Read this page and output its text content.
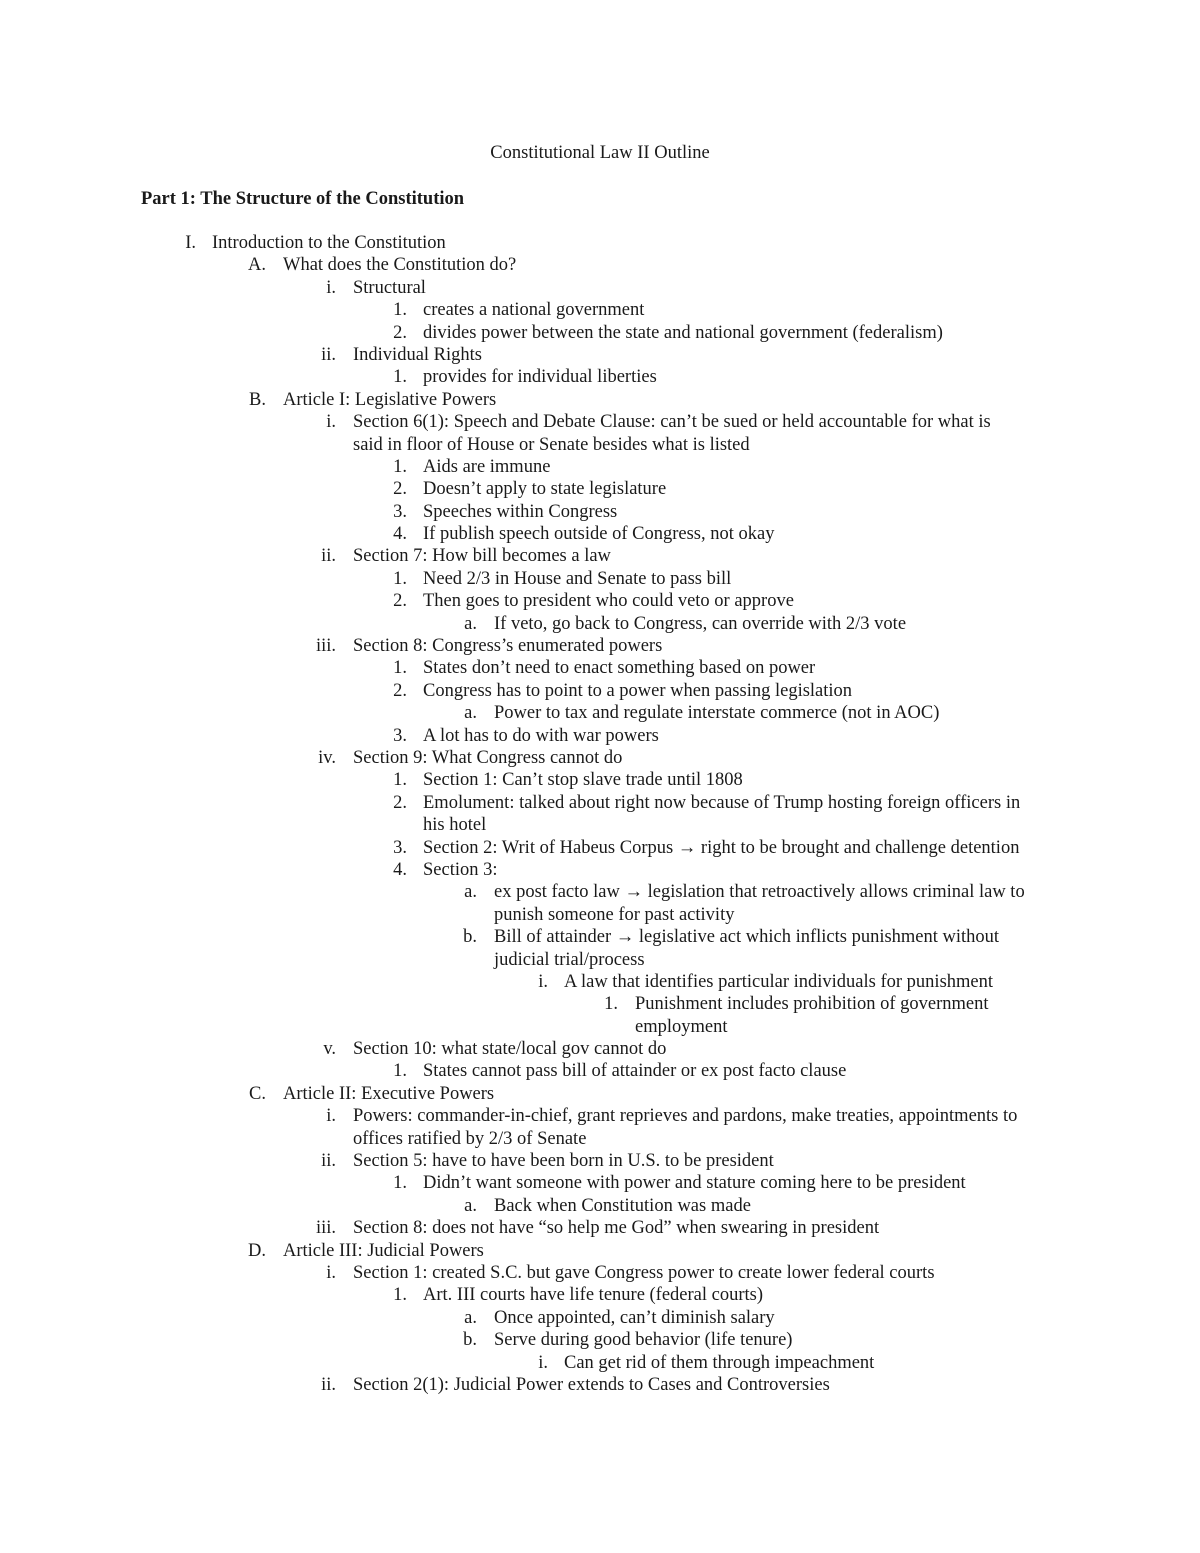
Constitutional Law II Outline
Part 1: The Structure of the Constitution
I. Introduction to the Constitution
A. What does the Constitution do?
i. Structural
1. creates a national government
2. divides power between the state and national government (federalism)
ii. Individual Rights
1. provides for individual liberties
B. Article I: Legislative Powers
i. Section 6(1): Speech and Debate Clause: can’t be sued or held accountable for what is
said in floor of House or Senate besides what is listed
1. Aids are immune
2. Doesn’t apply to state legislature
3. Speeches within Congress
4. If publish speech outside of Congress, not okay
ii. Section 7: How bill becomes a law
1. Need 2/3 in House and Senate to pass bill
2. Then goes to president who could veto or approve
a. If veto, go back to Congress, can override with 2/3 vote
iii. Section 8: Congress’s enumerated powers
1. States don’t need to enact something based on power
2. Congress has to point to a power when passing legislation
a. Power to tax and regulate interstate commerce (not in AOC)
3. A lot has to do with war powers
iv. Section 9: What Congress cannot do
1. Section 1: Can’t stop slave trade until 1808
2. Emolument: talked about right now because of Trump hosting foreign officers in
his hotel
3. Section 2: Writ of Habeus Corpus → right to be brought and challenge detention
4. Section 3:
a. ex post facto law → legislation that retroactively allows criminal law to
punish someone for past activity
b. Bill of attainder → legislative act which inflicts punishment without
judicial trial/process
i. A law that identifies particular individuals for punishment
1. Punishment includes prohibition of government
employment
v. Section 10: what state/local gov cannot do
1. States cannot pass bill of attainder or ex post facto clause
C. Article II: Executive Powers
i. Powers: commander-in-chief, grant reprieves and pardons, make treaties, appointments to
offices ratified by 2/3 of Senate
ii. Section 5: have to have been born in U.S. to be president
1. Didn’t want someone with power and stature coming here to be president
a. Back when Constitution was made
iii. Section 8: does not have “so help me God” when swearing in president
D. Article III: Judicial Powers
i. Section 1: created S.C. but gave Congress power to create lower federal courts
1. Art. III courts have life tenure (federal courts)
a. Once appointed, can’t diminish salary
b. Serve during good behavior (life tenure)
i. Can get rid of them through impeachment
ii. Section 2(1): Judicial Power extends to Cases and Controversies
